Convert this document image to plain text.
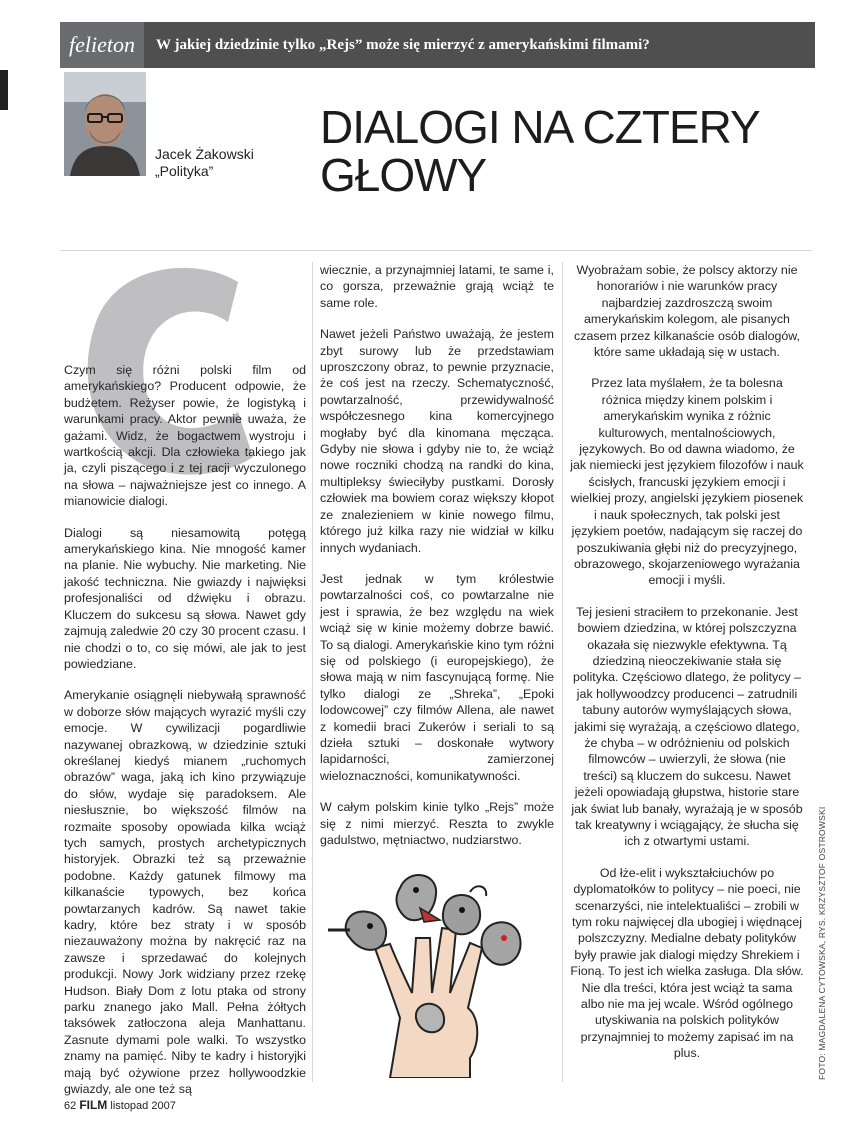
felieton	W jakiej dziedzinie tylko „Rejs” może się mierzyć z amerykańskimi filmami?
Jacek Żakowski
„Polityka”
DIALOGI NA CZTERY GŁOWY

Czym się różni polski film od amerykańskiego? Producent odpowie, że budżetem. Reżyser powie, że logistyką i warunkami pracy. Aktor pewnie uważa, że gażami. Widz, że bogactwem wystroju i wartkością akcji. Dla człowieka takiego jak ja, czyli piszącego i z tej racji wyczulonego na słowa – najważniejsze jest co innego. A mianowicie dialogi.

Dialogi są niesamowitą potęgą amerykańskiego kina. Nie mnogość kamer na planie. Nie wybuchy. Nie marketing. Nie jakość techniczna. Nie gwiazdy i najwięksi profesjonaliści od dźwięku i obrazu. Kluczem do sukcesu są słowa. Nawet gdy zajmują zaledwie 20 czy 30 procent czasu. I nie chodzi o to, co się mówi, ale jak to jest powiedziane.

Amerykanie osiągnęli niebywałą sprawność w doborze słów mających wyrazić myśli czy emocje. W cywilizacji pogardliwie nazywanej obrazkową, w dziedzinie sztuki określanej kiedyś mianem „ruchomych obrazów” waga, jaką ich kino przywiązuje do słów, wydaje się paradoksem. Ale niesłusznie, bo większość filmów na rozmaite sposoby opowiada kilka wciąż tych samych, prostych archetypicznych historyjek. Obrazki też są przeważnie podobne. Każdy gatunek filmowy ma kilkanaście typowych, bez końca powtarzanych kadrów. Są nawet takie kadry, które bez straty i w sposób niezauważony można by nakręcić raz na zawsze i sprzedawać do kolejnych produkcji. Nowy Jork widziany przez rzekę Hudson. Biały Dom z lotu ptaka od strony parku znanego jako Mall. Pełna żółtych taksówek zatłoczona aleja Manhattanu. Zasnute dymami pole walki. To wszystko znamy na pamięć. Niby te kadry i historyjki mają być ożywione przez hollywoodzkie gwiazdy, ale one też są

wiecznie, a przynajmniej latami, te same i, co gorsza, przeważnie grają wciąż te same role.

Nawet jeżeli Państwo uważają, że jestem zbyt surowy lub że przedstawiam uproszczony obraz, to pewnie przyznacie, że coś jest na rzeczy. Schematyczność, powtarzalność, przewidywalność współczesnego kina komercyjnego mogłaby być dla kinomana męcząca. Gdyby nie słowa i gdyby nie to, że wciąż nowe roczniki chodzą na randki do kina, multipleksy świeciłyby pustkami. Dorosły człowiek ma bowiem coraz większy kłopot ze znalezieniem w kinie nowego filmu, którego już kilka razy nie widział w kilku innych wydaniach.

Jest jednak w tym królestwie powtarzalności coś, co powtarzalne nie jest i sprawia, że bez względu na wiek wciąż się w kinie możemy dobrze bawić. To są dialogi. Amerykańskie kino tym różni się od polskiego (i europejskiego), że słowa mają w nim fascynującą formę. Nie tylko dialogi ze „Shreka”, „Epoki lodowcowej” czy filmów Allena, ale nawet z komedii braci Zukerów i seriali to są dzieła sztuki – doskonałe wytwory lapidarności, zamierzonej wieloznaczności, komunikatywności.

W całym polskim kinie tylko „Rejs” może się z nimi mierzyć. Reszta to zwykle gadulstwo, mętniactwo, nudziarstwo.

Wyobrażam sobie, że polscy aktorzy nie honorariów i nie warunków pracy najbardziej zazdroszczą swoim amerykańskim kolegom, ale pisanych czasem przez kilkanaście osób dialogów, które same układają się w ustach.

Przez lata myślałem, że ta bolesna różnica między kinem polskim i amerykańskim wynika z różnic kulturowych, mentalnościowych, językowych. Bo od dawna wiadomo, że jak niemiecki jest językiem filozofów i nauk ścisłych, francuski językiem emocji i wielkiej prozy, angielski językiem piosenek i nauk społecznych, tak polski jest językiem poetów, nadającym się raczej do poszukiwania głębi niż do precyzyjnego, obrazowego, skojarzeniowego wyrażania emocji i myśli.

Tej jesieni straciłem to przekonanie. Jest bowiem dziedzina, w której polszczyzna okazała się niezwykle efektywna. Tą dziedziną nieoczekiwanie stała się polityka. Częściowo dlatego, że politycy – jak hollywoodzcy producenci – zatrudnili tabuny autorów wymyślających słowa, jakimi się wyrażają, a częściowo dlatego, że chyba – w odróżnieniu od polskich filmowców – uwierzyli, że słowa (nie treści) są kluczem do sukcesu. Nawet jeżeli opowiadają głupstwa, historie stare jak świat lub banały, wyrażają je w sposób tak kreatywny i wciągający, że słucha się ich z otwartymi ustami.

Od łże-elit i wykształciuchów po dyplomatołków to politycy – nie poeci, nie scenarzyści, nie intelektualiści – zrobili w tym roku najwięcej dla ubogiej i więdnącej polszczyzny. Medialne debaty polityków były prawie jak dialogi między Shrekiem i Fioną. To jest ich wielka zasługa. Dla słów. Nie dla treści, która jest wciąż ta sama albo nie ma jej wcale. Wśród ogólnego utyskiwania na polskich polityków przynajmniej to możemy zapisać im na plus.

62 FILM listopad 2007
FOTO: MAGDALENA CYTOWSKA, RYS. KRZYSZTOF OSTROWSKI
